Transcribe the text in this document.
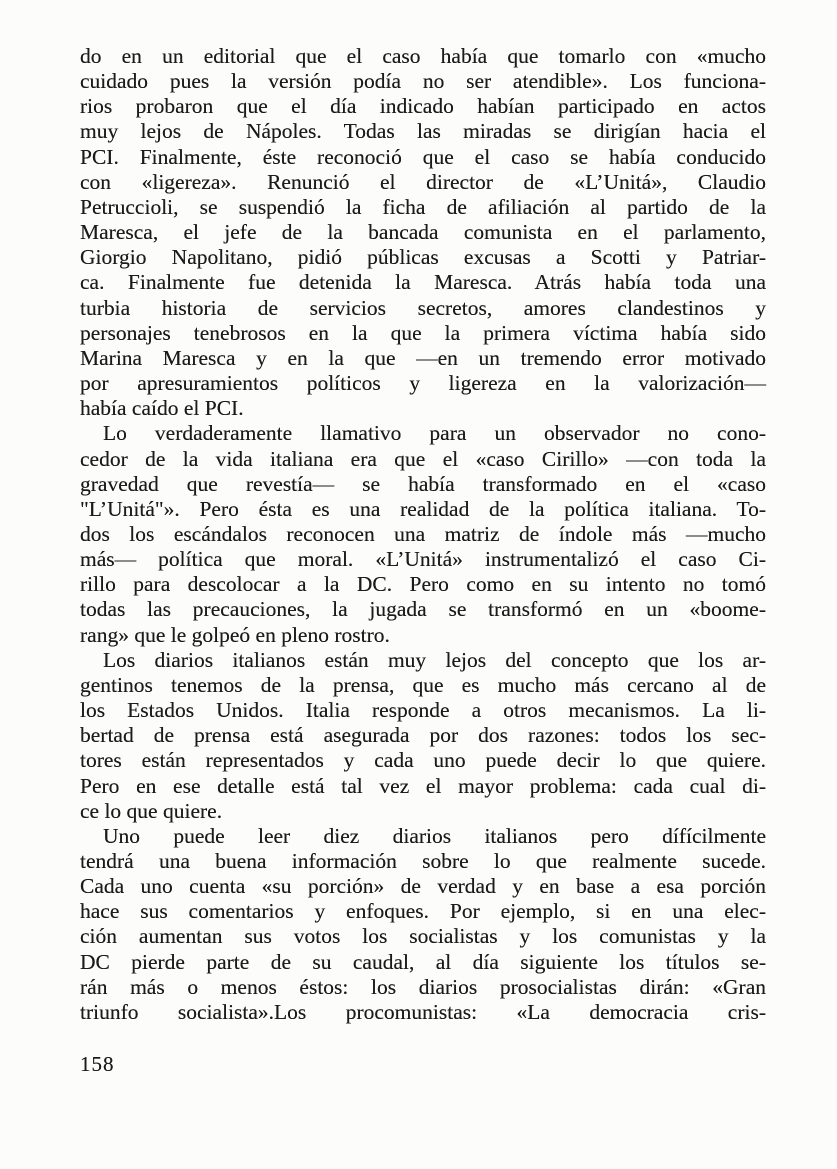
do en un editorial que el caso había que tomarlo con «mucho
cuidado pues la versión podía no ser atendible». Los funciona-
rios probaron que el día indicado habían participado en actos
muy lejos de Nápoles. Todas las miradas se dirigían hacia el
PCI. Finalmente, éste reconoció que el caso se había conducido
con «ligereza». Renunció el director de «L’Unitá», Claudio
Petruccioli, se suspendió la ficha de afiliación al partido de la
Maresca, el jefe de la bancada comunista en el parlamento,
Giorgio Napolitano, pidió públicas excusas a Scotti y Patriar-
ca. Finalmente fue detenida la Maresca. Atrás había toda una
turbia historia de servicios secretos, amores clandestinos y
personajes tenebrosos en la que la primera víctima había sido
Marina Maresca y en la que —en un tremendo error motivado
por apresuramientos políticos y ligereza en la valorización—
había caído el PCI.
Lo verdaderamente llamativo para un observador no cono-
cedor de la vida italiana era que el «caso Cirillo» —con toda la
gravedad que revestía— se había transformado en el «caso
"L’Unitá"». Pero ésta es una realidad de la política italiana. To-
dos los escándalos reconocen una matriz de índole más —mucho
más— política que moral. «L’Unitá» instrumentalizó el caso Ci-
rillo para descolocar a la DC. Pero como en su intento no tomó
todas las precauciones, la jugada se transformó en un «boome-
rang» que le golpeó en pleno rostro.
Los diarios italianos están muy lejos del concepto que los ar-
gentinos tenemos de la prensa, que es mucho más cercano al de
los Estados Unidos. Italia responde a otros mecanismos. La li-
bertad de prensa está asegurada por dos razones: todos los sec-
tores están representados y cada uno puede decir lo que quiere.
Pero en ese detalle está tal vez el mayor problema: cada cual di-
ce lo que quiere.
Uno puede leer diez diarios italianos pero dífícilmente
tendrá una buena información sobre lo que realmente sucede.
Cada uno cuenta «su porción» de verdad y en base a esa porción
hace sus comentarios y enfoques. Por ejemplo, si en una elec-
ción aumentan sus votos los socialistas y los comunistas y la
DC pierde parte de su caudal, al día siguiente los títulos se-
rán más o menos éstos: los diarios prosocialistas dirán: «Gran
triunfo socialista».Los procomunistas: «La democracia cris-
158
